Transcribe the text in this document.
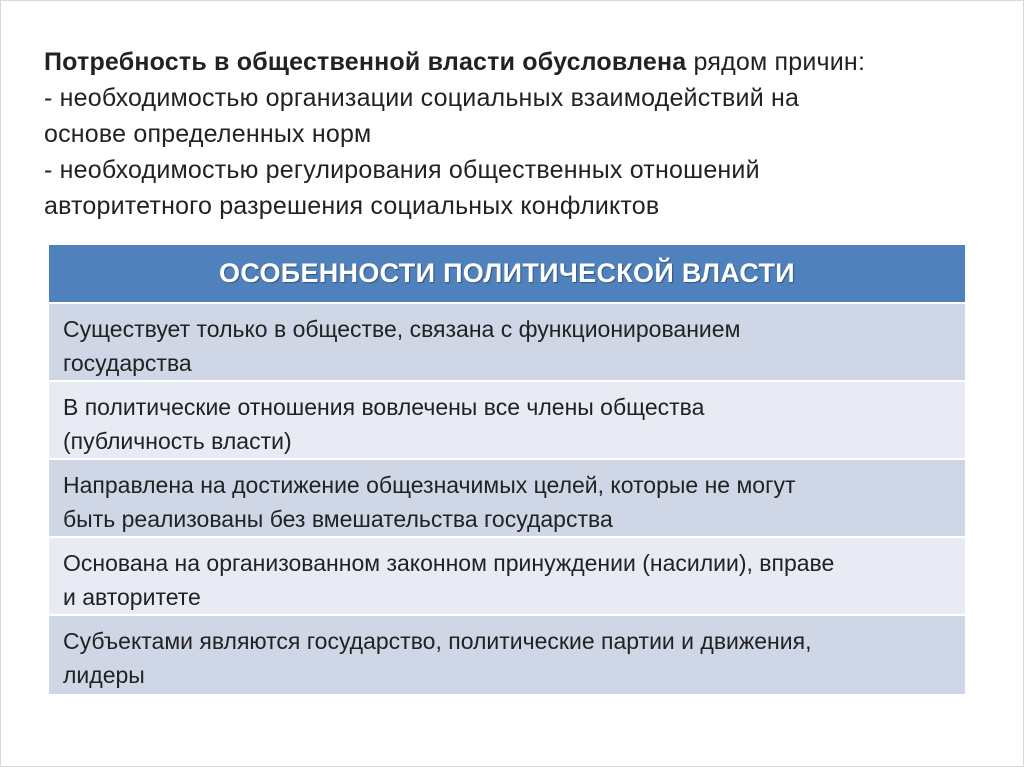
Потребность в общественной власти обусловлена рядом причин:
- необходимостью организации социальных взаимодействий на
основе определенных норм
- необходимостью регулирования общественных отношений
авторитетного разрешения социальных конфликтов
ОСОБЕННОСТИ ПОЛИТИЧЕСКОЙ ВЛАСТИ
Существует только в обществе, связана с функционированием
государства
В политические отношения вовлечены все члены общества
(публичность власти)
Направлена на достижение общезначимых целей, которые не могут
быть реализованы без вмешательства государства
Основана на организованном законном принуждении (насилии), вправе
и авторитете
Субъектами являются государство, политические партии и движения,
лидеры
